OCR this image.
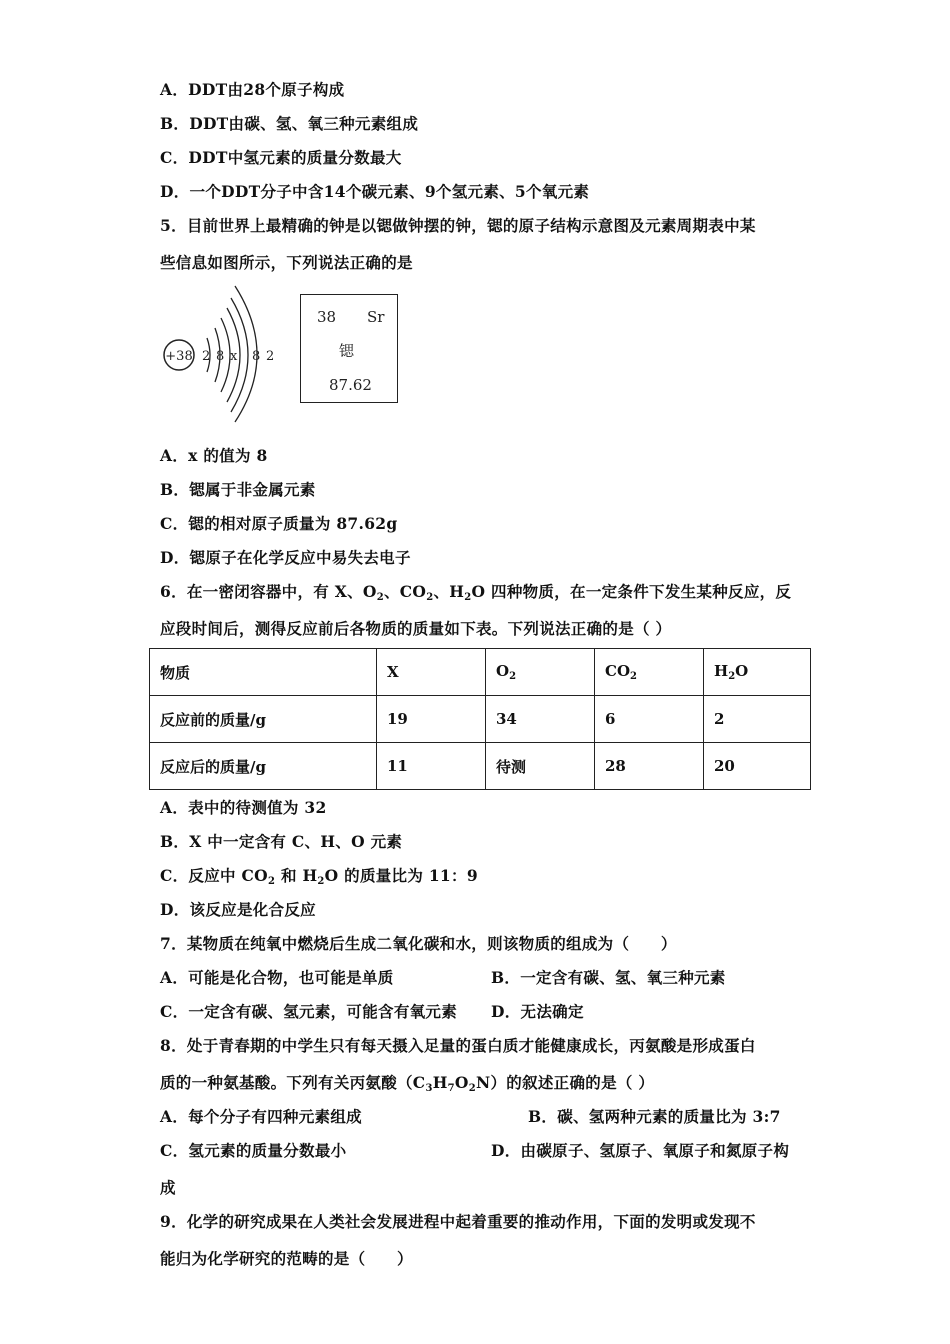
A．DDT由28个原子构成
B．DDT由碳、氢、氧三种元素组成
C．DDT中氢元素的质量分数最大
D．一个DDT分子中含14个碳元素、9个氢元素、5个氧元素
5．目前世界上最精确的钟是以锶做钟摆的钟，锶的原子结构示意图及元素周期表中某
些信息如图所示，下列说法正确的是
+38 2 8 x 8 2
38 Sr
锶
87.62
A．x 的值为 8
B．锶属于非金属元素
C．锶的相对原子质量为 87.62g
D．锶原子在化学反应中易失去电子
6．在一密闭容器中，有 X、$O_2$、$CO_2$、$H_2O$ 四种物质，在一定条件下发生某种反应，反
应段时间后，测得反应前后各物质的质量如下表。下列说法正确的是（ ）
物质	X	$O_2$	$CO_2$	$H_2O$
反应前的质量/g	19	34	6	2
反应后的质量/g	11	待测	28	20
A．表中的待测值为 32
B．X 中一定含有 C、H、O 元素
C．反应中 $CO_2$ 和 $H_2O$ 的质量比为 11：9
D．该反应是化合反应
7．某物质在纯氧中燃烧后生成二氧化碳和水，则该物质的组成为（　　）
A．可能是化合物，也可能是单质	B．一定含有碳、氢、氧三种元素
C．一定含有碳、氢元素，可能含有氧元素 D．无法确定
8．处于青春期的中学生只有每天摄入足量的蛋白质才能健康成长，丙氨酸是形成蛋白
质的一种氨基酸。下列有关丙氨酸$(C_3H_7O_2N)$的叙述正确的是（ ）
A．每个分子有四种元素组成	B．碳、氢两种元素的质量比为 3:7
C．氢元素的质量分数最小	D．由碳原子、氢原子、氧原子和氮原子构
成
9．化学的研究成果在人类社会发展进程中起着重要的推动作用，下面的发明或发现不
能归为化学研究的范畴的是（　　）
